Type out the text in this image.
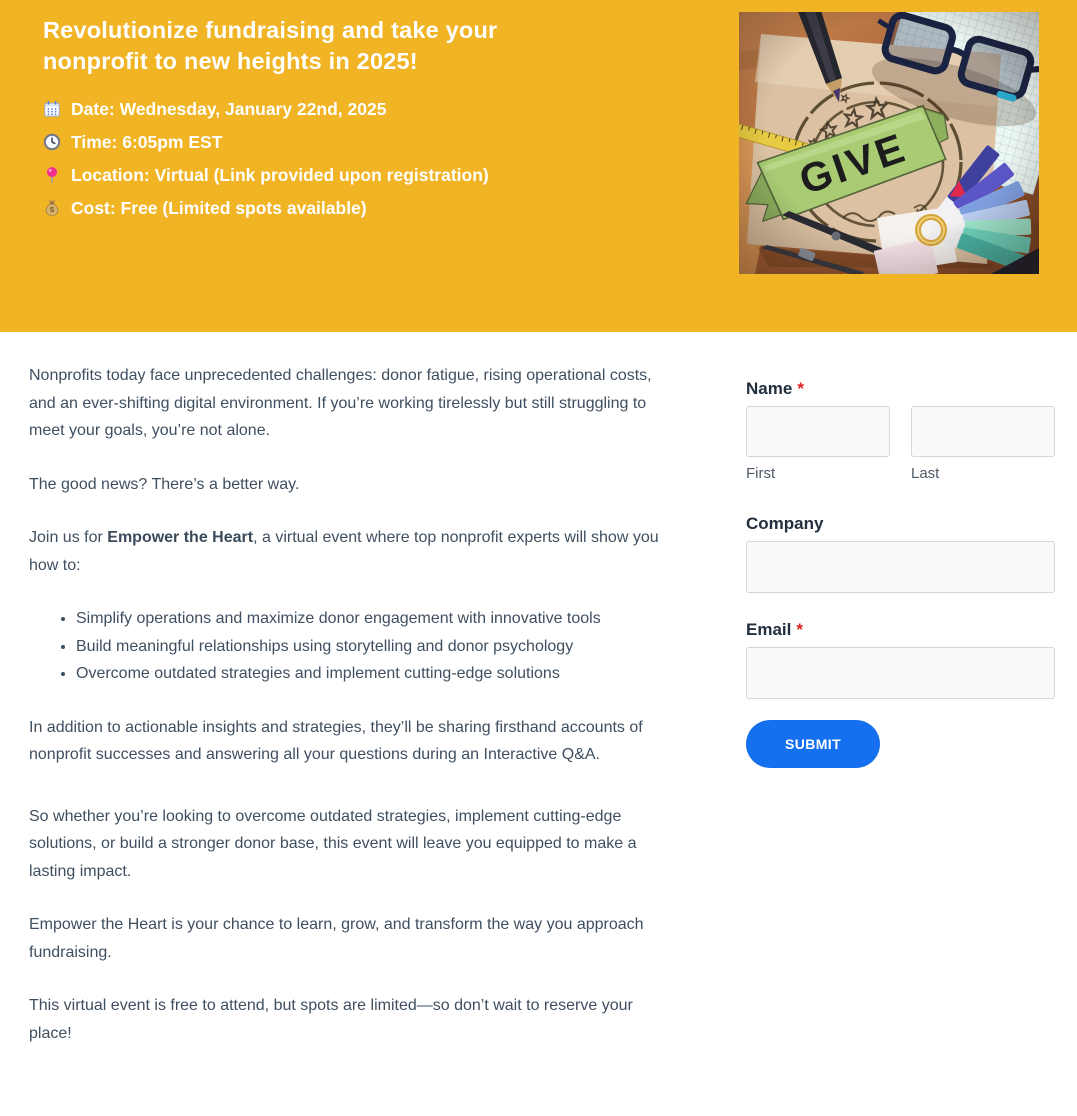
Revolutionize fundraising and take your nonprofit to new heights in 2025!
Date: Wednesday, January 22nd, 2025
Time: 6:05pm EST
Location: Virtual (Link provided upon registration)
$ Cost: Free (Limited spots available)

Nonprofits today face unprecedented challenges: donor fatigue, rising operational costs, and an ever-shifting digital environment. If you’re working tirelessly but still struggling to meet your goals, you’re not alone.

The good news? There’s a better way.

Join us for Empower the Heart, a virtual event where top nonprofit experts will show you how to:

• Simplify operations and maximize donor engagement with innovative tools
• Build meaningful relationships using storytelling and donor psychology
• Overcome outdated strategies and implement cutting-edge solutions

In addition to actionable insights and strategies, they’ll be sharing firsthand accounts of nonprofit successes and answering all your questions during an Interactive Q&A.

So whether you’re looking to overcome outdated strategies, implement cutting-edge solutions, or build a stronger donor base, this event will leave you equipped to make a lasting impact.

Empower the Heart is your chance to learn, grow, and transform the way you approach fundraising.

This virtual event is free to attend, but spots are limited—so don’t wait to reserve your place!

Name *
First	Last
Company
Email *
SUBMIT
